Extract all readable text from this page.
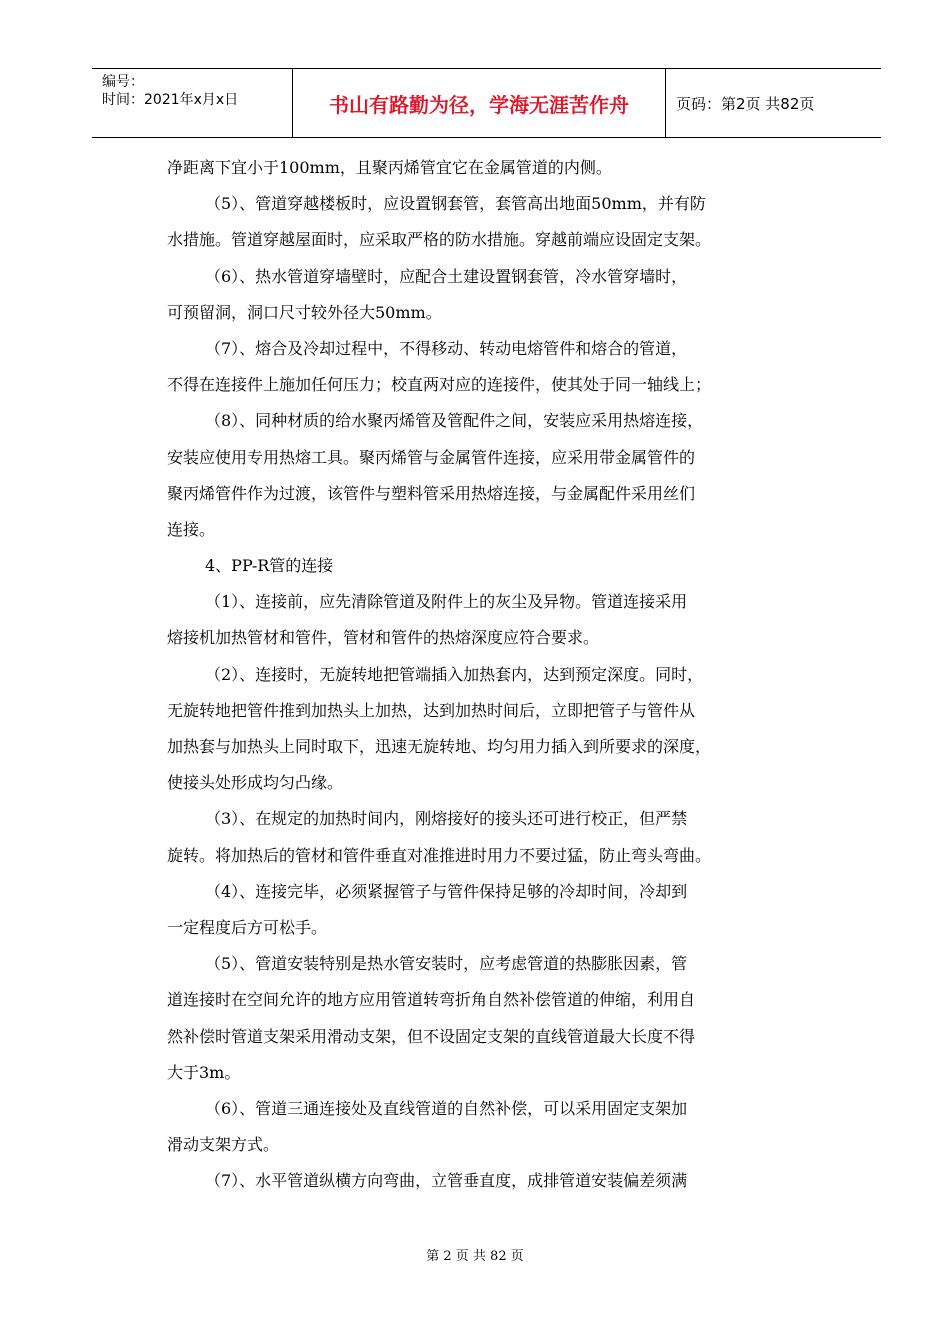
编号：
时间：2021年x月x日	书山有路勤为径，学海无涯苦作舟	页码：第2页 共82页
净距离下宜小于100mm，且聚丙烯管宜它在金属管道的内侧。
（5）、管道穿越楼板时，应设置钢套管，套管高出地面50mm，并有防
水措施。管道穿越屋面时，应采取严格的防水措施。穿越前端应设固定支架。
（6）、热水管道穿墙壁时，应配合土建设置钢套管，冷水管穿墙时，
可预留洞，洞口尺寸较外径大50mm。
（7）、熔合及冷却过程中，不得移动、转动电熔管件和熔合的管道，
不得在连接件上施加任何压力；校直两对应的连接件，使其处于同一轴线上；
（8）、同种材质的给水聚丙烯管及管配件之间，安装应采用热熔连接，
安装应使用专用热熔工具。聚丙烯管与金属管件连接，应采用带金属管件的
聚丙烯管件作为过渡，该管件与塑料管采用热熔连接，与金属配件采用丝们
连接。
4、PP-R管的连接
（1）、连接前，应先清除管道及附件上的灰尘及异物。管道连接采用
熔接机加热管材和管件，管材和管件的热熔深度应符合要求。
（2）、连接时，无旋转地把管端插入加热套内，达到预定深度。同时，
无旋转地把管件推到加热头上加热，达到加热时间后，立即把管子与管件从
加热套与加热头上同时取下，迅速无旋转地、均匀用力插入到所要求的深度，
使接头处形成均匀凸缘。
（3）、在规定的加热时间内，刚熔接好的接头还可进行校正，但严禁
旋转。将加热后的管材和管件垂直对准推进时用力不要过猛，防止弯头弯曲。
（4）、连接完毕，必须紧握管子与管件保持足够的冷却时间，冷却到
一定程度后方可松手。
（5）、管道安装特别是热水管安装时，应考虑管道的热膨胀因素，管
道连接时在空间允许的地方应用管道转弯折角自然补偿管道的伸缩，利用自
然补偿时管道支架采用滑动支架，但不设固定支架的直线管道最大长度不得
大于3m。
（6）、管道三通连接处及直线管道的自然补偿，可以采用固定支架加
滑动支架方式。
（7）、水平管道纵横方向弯曲，立管垂直度，成排管道安装偏差须满
第 2 页 共 82 页
